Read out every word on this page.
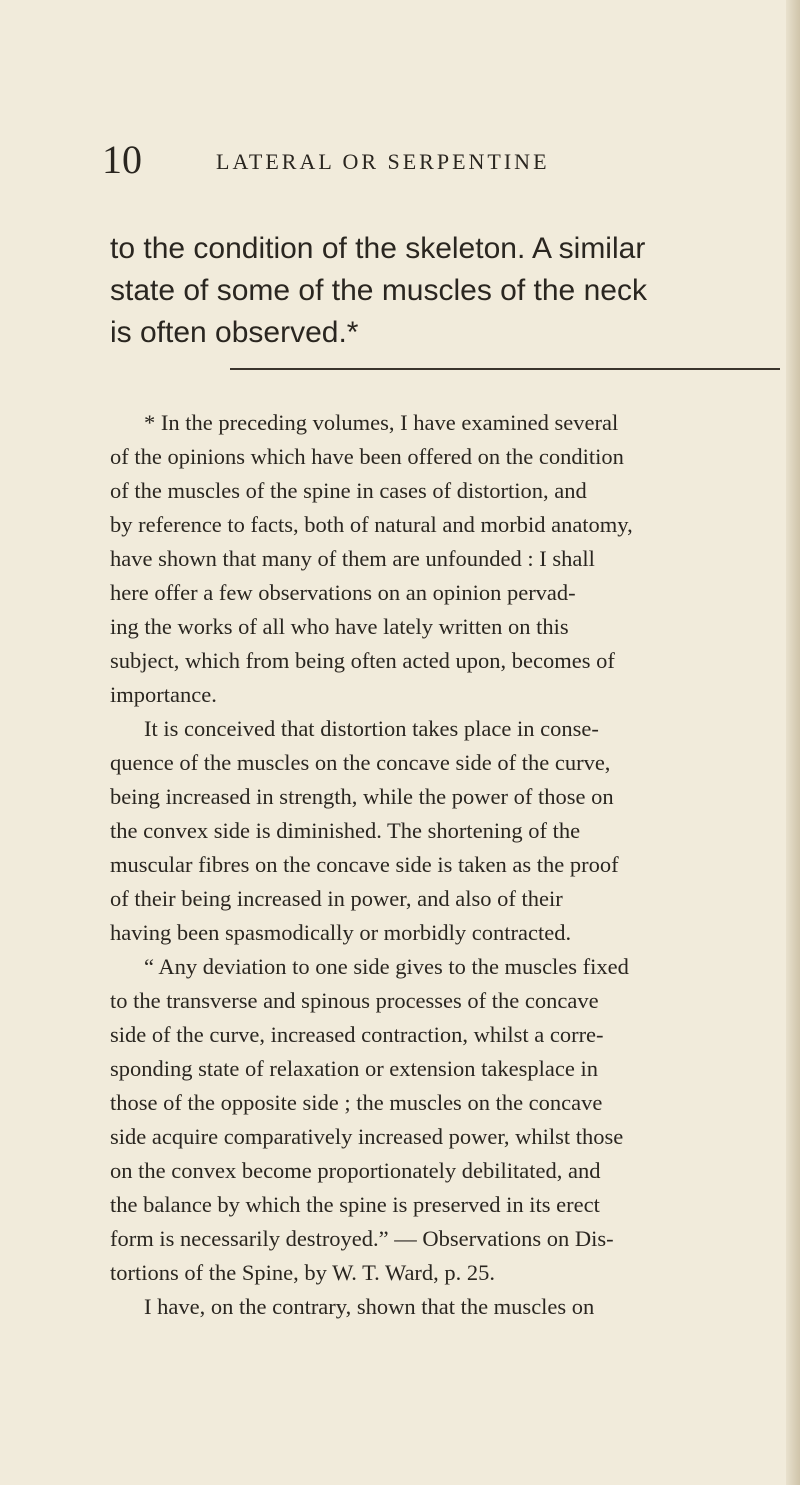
10	LATERAL OR SERPENTINE

to the condition of the skeleton. A similar
state of some of the muscles of the neck
is often observed.*

* In the preceding volumes, I have examined several
of the opinions which have been offered on the condition
of the muscles of the spine in cases of distortion, and
by reference to facts, both of natural and morbid anatomy,
have shown that many of them are unfounded : I shall
here offer a few observations on an opinion pervad-
ing the works of all who have lately written on this
subject, which from being often acted upon, becomes of
importance.
It is conceived that distortion takes place in conse-
quence of the muscles on the concave side of the curve,
being increased in strength, while the power of those on
the convex side is diminished. The shortening of the
muscular fibres on the concave side is taken as the proof
of their being increased in power, and also of their
having been spasmodically or morbidly contracted.
“ Any deviation to one side gives to the muscles fixed
to the transverse and spinous processes of the concave
side of the curve, increased contraction, whilst a corre-
sponding state of relaxation or extension takesplace in
those of the opposite side ; the muscles on the concave
side acquire comparatively increased power, whilst those
on the convex become proportionately debilitated, and
the balance by which the spine is preserved in its erect
form is necessarily destroyed.” — Observations on Dis-
tortions of the Spine, by W. T. Ward, p. 25.
I have, on the contrary, shown that the muscles on
